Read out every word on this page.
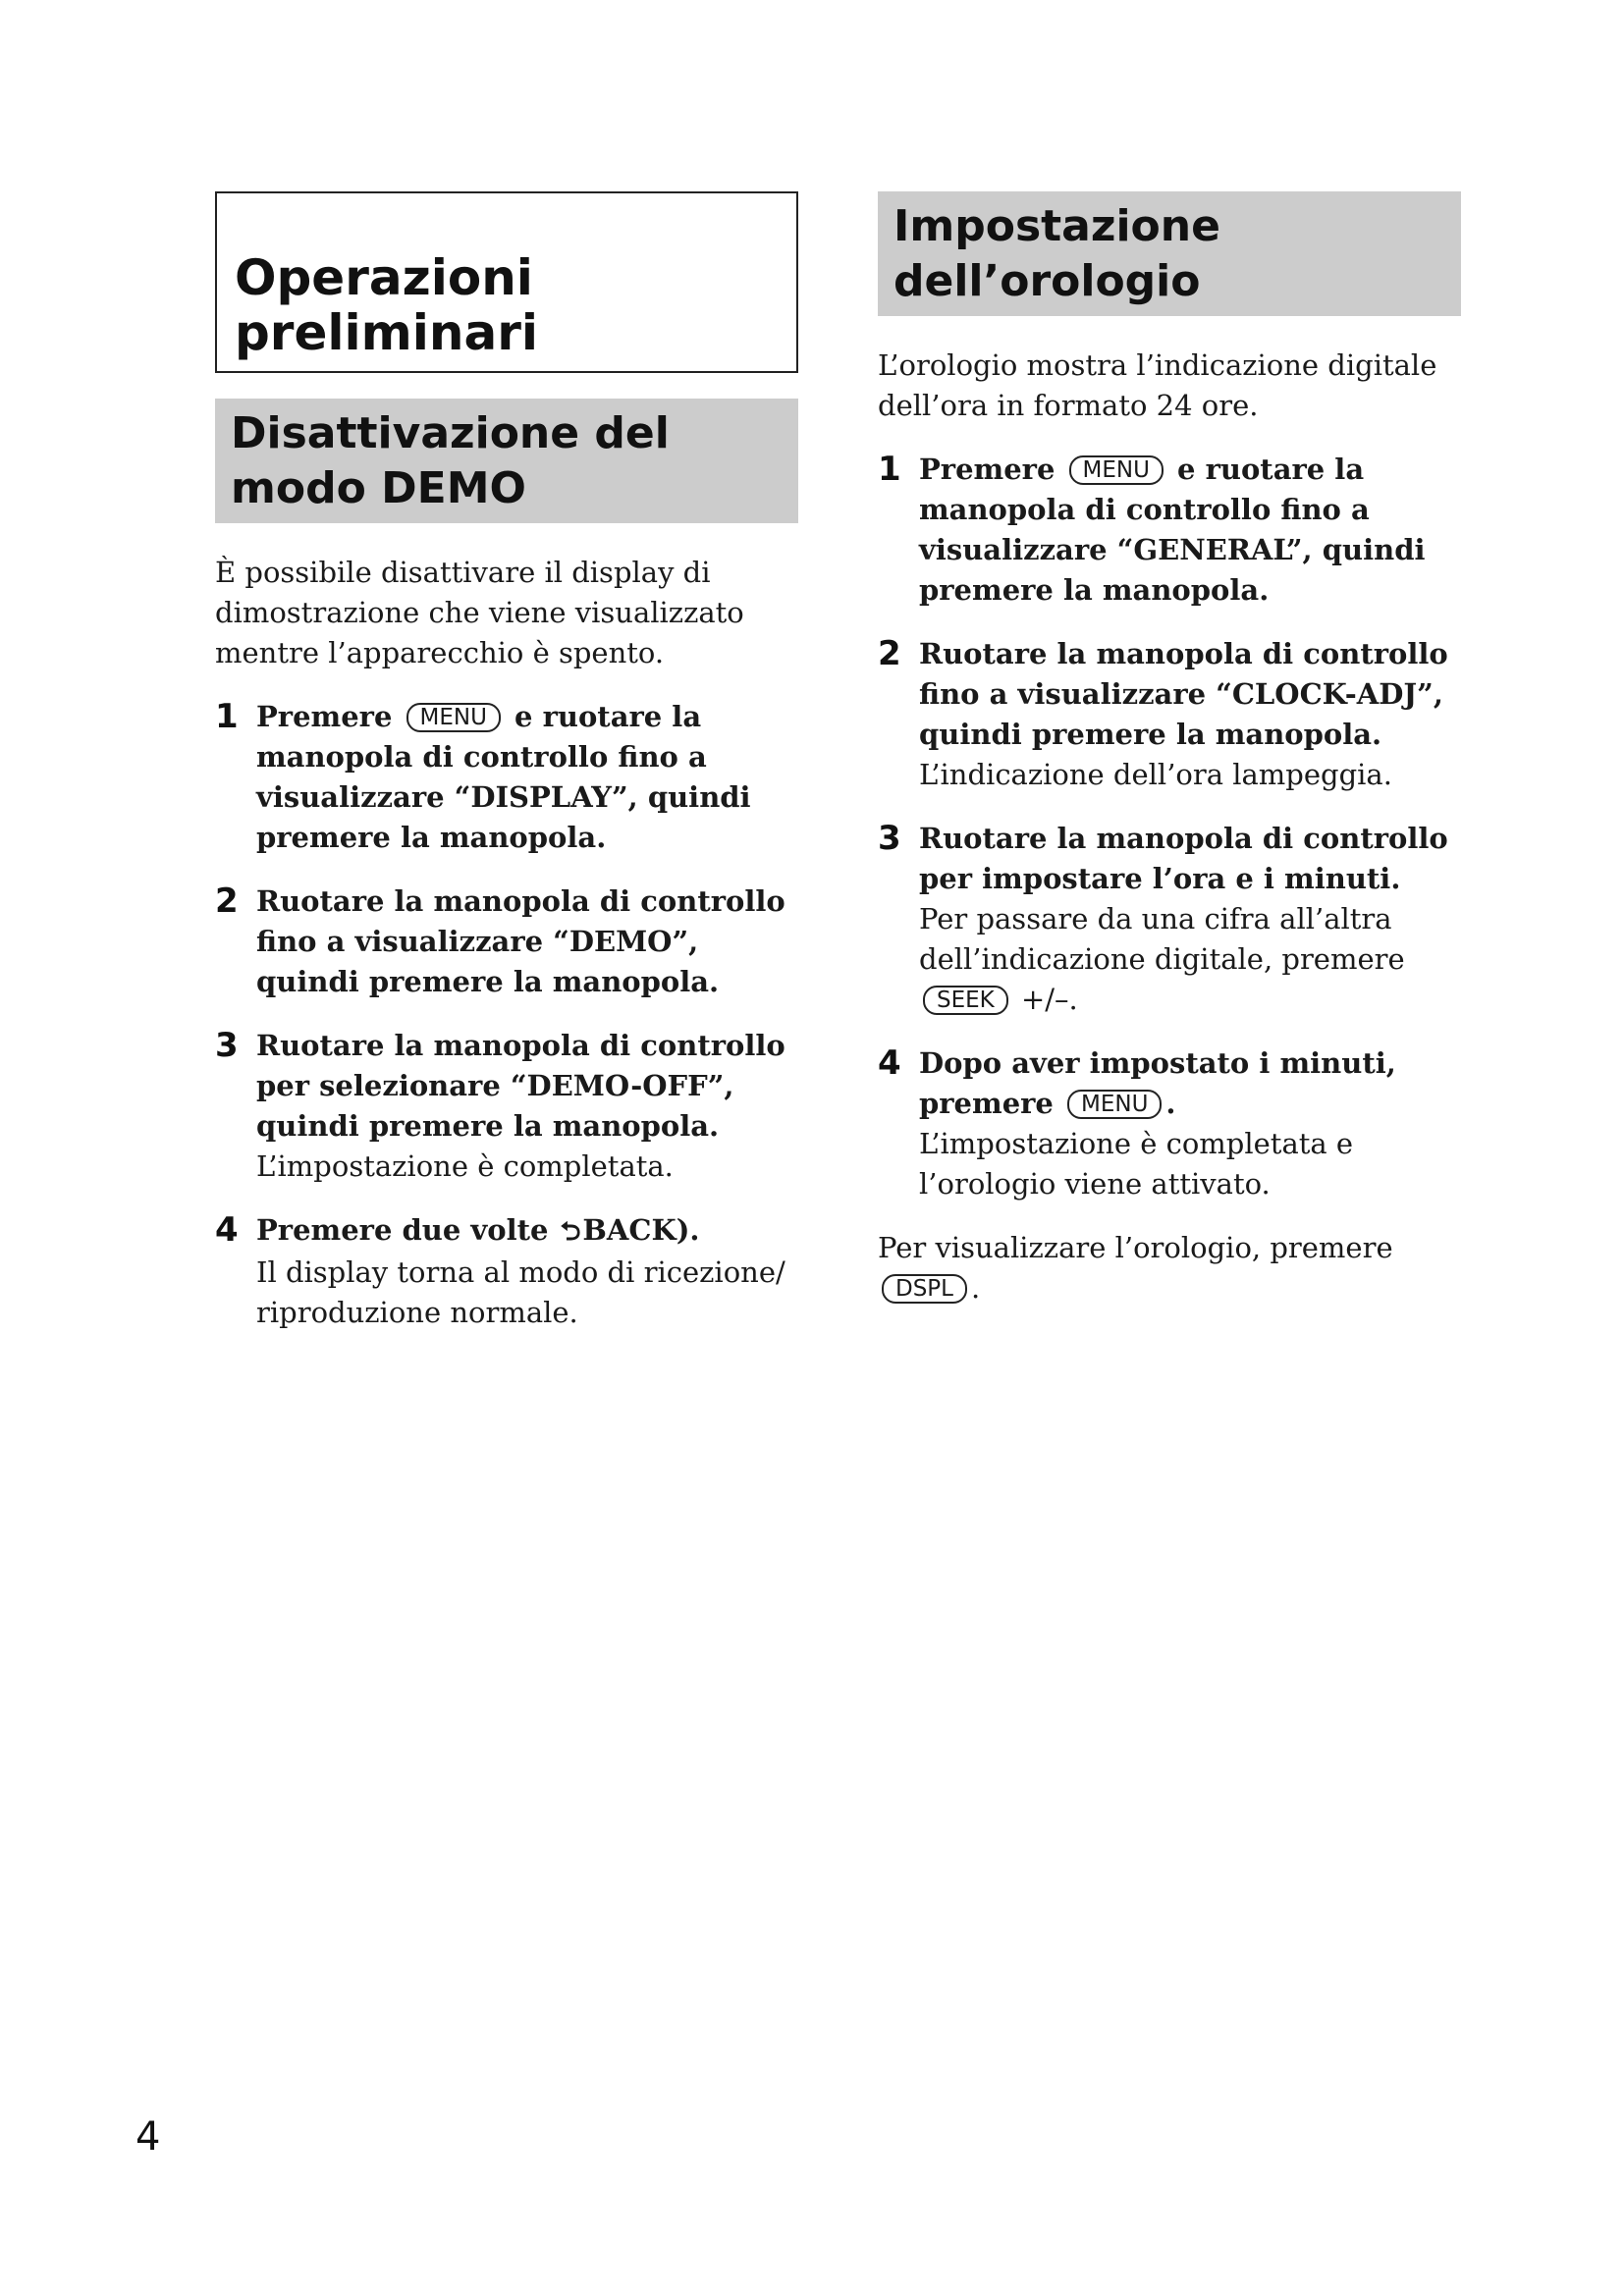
Operazioni preliminari
Disattivazione del modo DEMO

È possibile disattivare il display di dimostrazione che viene visualizzato mentre l’apparecchio è spento.

1 Premere MENU e ruotare la manopola di controllo fino a visualizzare “DISPLAY”, quindi premere la manopola.

2 Ruotare la manopola di controllo fino a visualizzare “DEMO”, quindi premere la manopola.

3 Ruotare la manopola di controllo per selezionare “DEMO-OFF”, quindi premere la manopola.

L’impostazione è completata.

4 Premere due volte ⮌BACK).

Il display torna al modo di ricezione/ riproduzione normale.

Impostazione dell’orologio

L’orologio mostra l’indicazione digitale dell’ora in formato 24 ore.

1 Premere MENU e ruotare la manopola di controllo fino a visualizzare “GENERAL”, quindi premere la manopola.

2 Ruotare la manopola di controllo fino a visualizzare “CLOCK-ADJ”, quindi premere la manopola.

L’indicazione dell’ora lampeggia.

3 Ruotare la manopola di controllo per impostare l’ora e i minuti.

Per passare da una cifra all’altra dell’indicazione digitale, premere SEEK +/–.

4 Dopo aver impostato i minuti, premere MENU .

L’impostazione è completata e l’orologio viene attivato.

Per visualizzare l’orologio, premere DSPL .

4
